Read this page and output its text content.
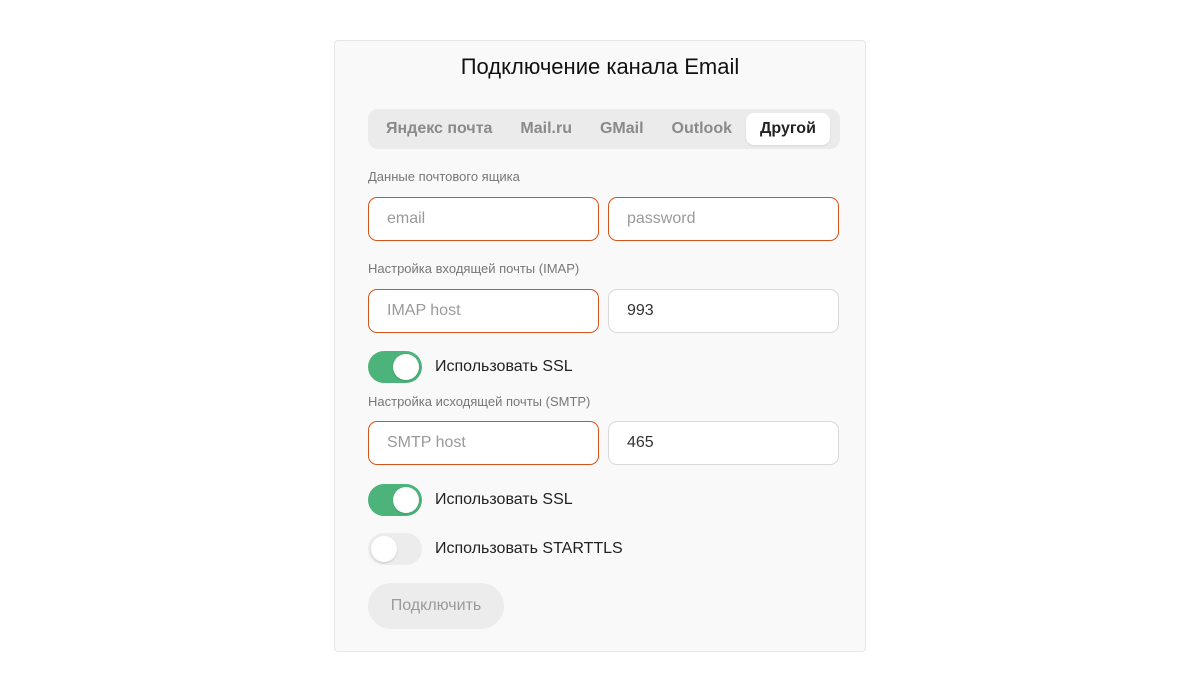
Подключение канала Email
Яндекс почта	Mail.ru	GMail	Outlook	Другой
Данные почтового ящика
email
Настройка входящей почты (IMAP)
IMAP host
993
Использовать SSL
Настройка исходящей почты (SMTP)
SMTP host
465
Использовать SSL
Использовать STARTTLS
Подключить
